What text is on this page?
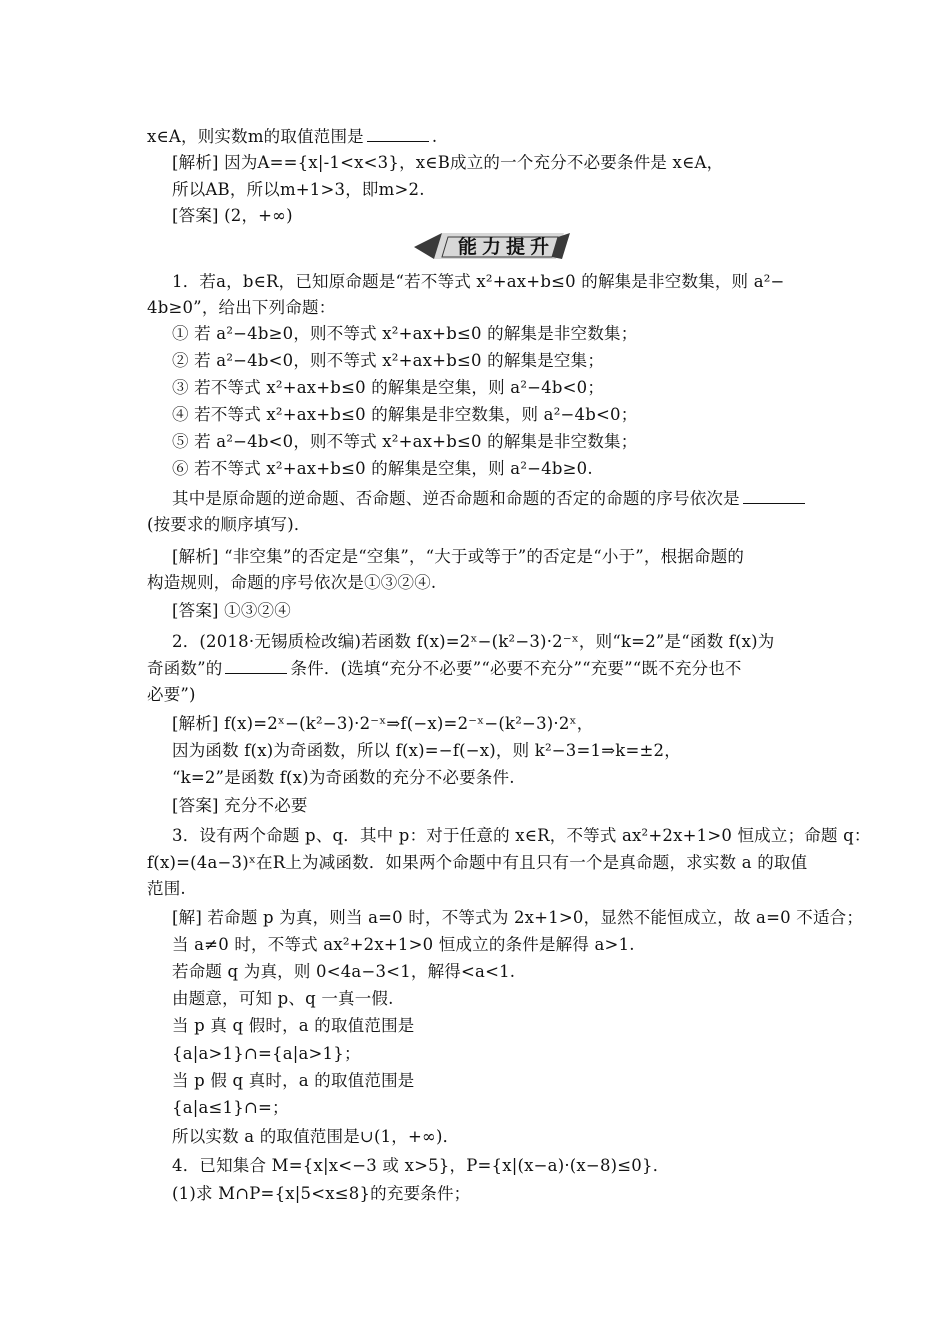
x∈A，则实数m的取值范围是	.
[解析] 因为A=={x|-1<x<3}，x∈B成立的一个充分不必要条件是 x∈A，
所以AB，所以m+1>3，即m>2.
[答案] (2，+∞)
能力提升
1．若a，b∈R，已知原命题是“若不等式 x²+ax+b≤0 的解集是非空数集，则 a²−
4b≥0”，给出下列命题：
① 若 a²−4b≥0，则不等式 x²+ax+b≤0 的解集是非空数集；
② 若 a²−4b<0，则不等式 x²+ax+b≤0 的解集是空集；
③ 若不等式 x²+ax+b≤0 的解集是空集，则 a²−4b<0；
④ 若不等式 x²+ax+b≤0 的解集是非空数集，则 a²−4b<0；
⑤ 若 a²−4b<0，则不等式 x²+ax+b≤0 的解集是非空数集；
⑥ 若不等式 x²+ax+b≤0 的解集是空集，则 a²−4b≥0.
其中是原命题的逆命题、否命题、逆否命题和命题的否定的命题的序号依次是
(按要求的顺序填写)．
[解析] “非空集”的否定是“空集”，“大于或等于”的否定是“小于”，根据命题的
构造规则，命题的序号依次是①③②④.
[答案] ①③②④
2．(2018·无锡质检改编)若函数 f(x)=2ˣ−(k²−3)·2⁻ˣ，则“k=2”是“函数 f(x)为
奇函数”的	条件．(选填“充分不必要”“必要不充分”“充要”“既不充分也不
必要”)
[解析] f(x)=2ˣ−(k²−3)·2⁻ˣ⇒f(−x)=2⁻ˣ−(k²−3)·2ˣ，
因为函数 f(x)为奇函数，所以 f(x)=−f(−x)，则 k²−3=1⇒k=±2，
“k=2”是函数 f(x)为奇函数的充分不必要条件.
[答案] 充分不必要
3．设有两个命题 p、q．其中 p：对于任意的 x∈R，不等式 ax²+2x+1>0 恒成立；命题 q：
f(x)=(4a−3)ˣ在R上为减函数．如果两个命题中有且只有一个是真命题，求实数 a 的取值
范围.
[解] 若命题 p 为真，则当 a=0 时，不等式为 2x+1>0，显然不能恒成立，故 a=0 不适合；
当 a≠0 时，不等式 ax²+2x+1>0 恒成立的条件是解得 a>1.
若命题 q 为真，则 0<4a−3<1，解得<a<1.
由题意，可知 p、q 一真一假.
当 p 真 q 假时，a 的取值范围是
{a|a>1}∩={a|a>1}；
当 p 假 q 真时，a 的取值范围是
{a|a≤1}∩=；
所以实数 a 的取值范围是∪(1，+∞)．
4．已知集合 M={x|x<−3 或 x>5}，P={x|(x−a)·(x−8)≤0}．
(1)求 M∩P={x|5<x≤8}的充要条件；
